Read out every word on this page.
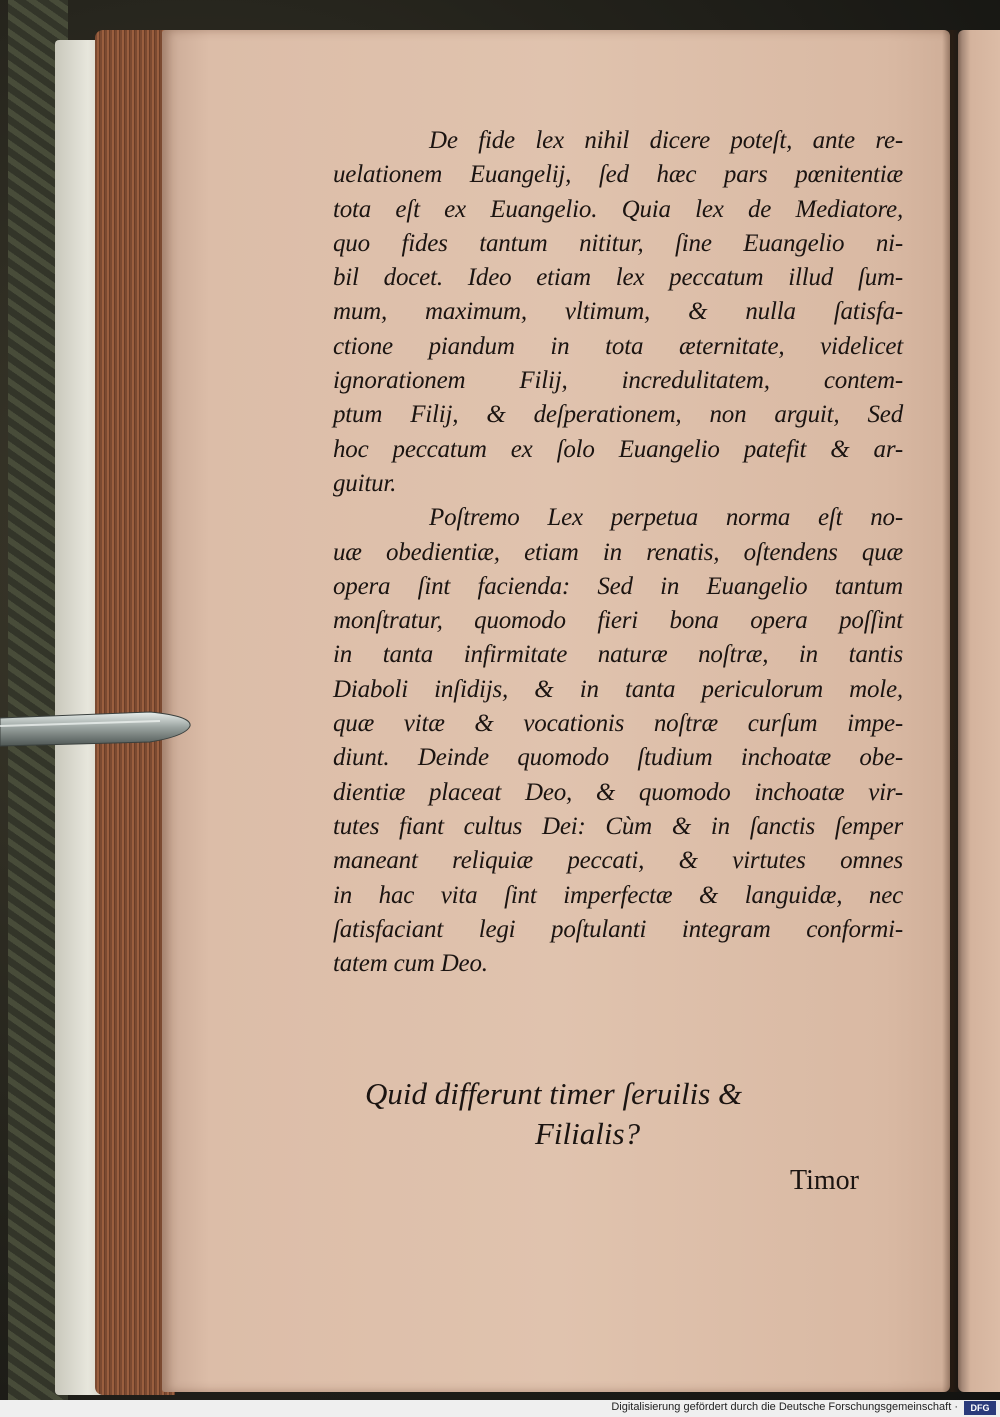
De fide lex nihil dicere poteſt, ante re-
uelationem Euangelij, ſed hæc pars pœnitentiæ
tota eſt ex Euangelio. Quia lex de Mediatore,
quo fides tantum nititur, ſine Euangelio ni-
bil docet. Ideo etiam lex peccatum illud ſum-
mum, maximum, vltimum, & nulla ſatisfa-
ctione piandum in tota æternitate, videlicet
ignorationem Filij, incredulitatem, contem-
ptum Filij, & deſperationem, non arguit, Sed
hoc peccatum ex ſolo Euangelio patefit & ar-
guitur.
Poſtremo Lex perpetua norma eſt no-
uæ obedientiæ, etiam in renatis, oſtendens quæ
opera ſint facienda: Sed in Euangelio tantum
monſtratur, quomodo fieri bona opera poſſint
in tanta infirmitate naturæ noſtræ, in tantis
Diaboli inſidijs, & in tanta periculorum mole,
quæ vitæ & vocationis noſtræ curſum impe-
diunt. Deinde quomodo ſtudium inchoatæ obe-
dientiæ placeat Deo, & quomodo inchoatæ vir-
tutes fiant cultus Dei: Cùm & in ſanctis ſemper
maneant reliquiæ peccati, & virtutes omnes
in hac vita ſint imperfectæ & languidæ, nec
ſatisfaciant legi poſtulanti integram conformi-
tatem cum Deo.
Quid differunt timer ſeruilis &
Filialis?
Timor
Digitalisierung gefördert durch die Deutsche Forschungsgemeinschaft ·	DFG
